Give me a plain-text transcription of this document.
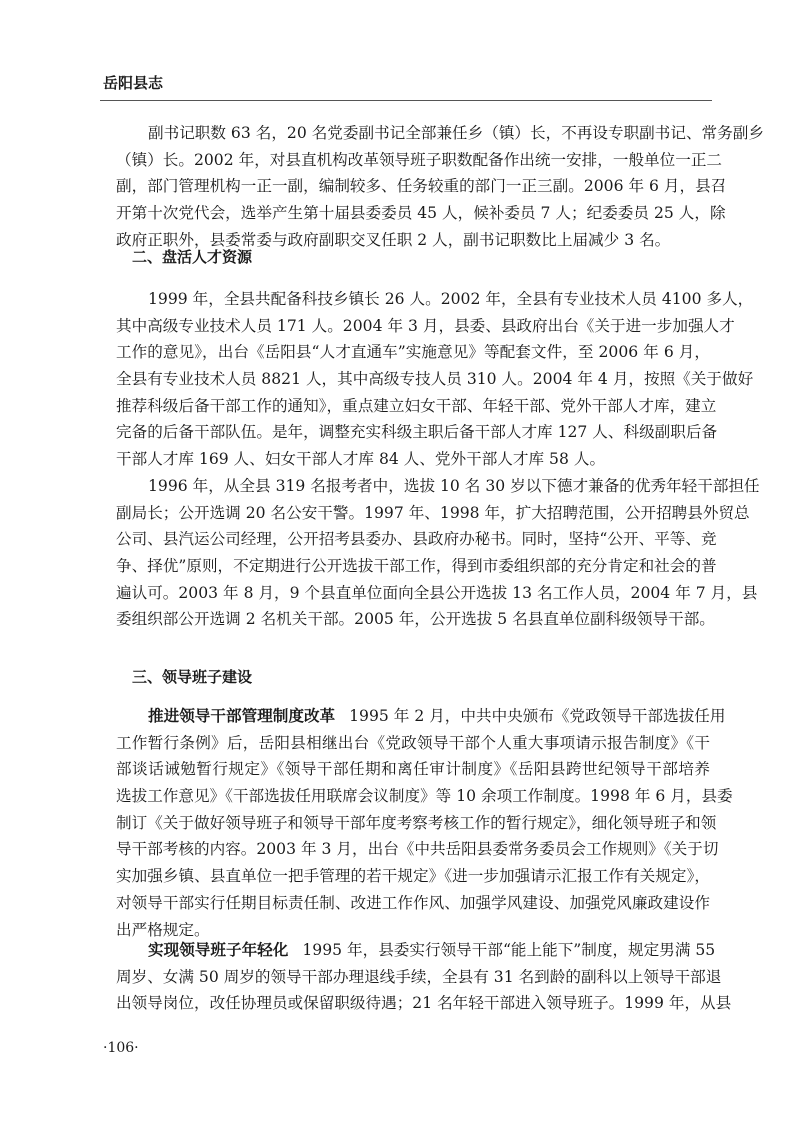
岳阳县志
副书记职数 63 名，20 名党委副书记全部兼任乡（镇）长，不再设专职副书记、常务副乡
（镇）长。2002 年，对县直机构改革领导班子职数配备作出统一安排，一般单位一正二
副，部门管理机构一正一副，编制较多、任务较重的部门一正三副。2006 年 6 月，县召
开第十次党代会，选举产生第十届县委委员 45 人，候补委员 7 人；纪委委员 25 人，除
政府正职外，县委常委与政府副职交叉任职 2 人，副书记职数比上届减少 3 名。
二、盘活人才资源
1999 年，全县共配备科技乡镇长 26 人。2002 年，全县有专业技术人员 4100 多人，
其中高级专业技术人员 171 人。2004 年 3 月，县委、县政府出台《关于进一步加强人才
工作的意见》，出台《岳阳县“人才直通车”实施意见》等配套文件，至 2006 年 6 月，
全县有专业技术人员 8821 人，其中高级专技人员 310 人。2004 年 4 月，按照《关于做好
推荐科级后备干部工作的通知》，重点建立妇女干部、年轻干部、党外干部人才库，建立
完备的后备干部队伍。是年，调整充实科级主职后备干部人才库 127 人、科级副职后备
干部人才库 169 人、妇女干部人才库 84 人、党外干部人才库 58 人。
1996 年，从全县 319 名报考者中，选拔 10 名 30 岁以下德才兼备的优秀年轻干部担任
副局长；公开选调 20 名公安干警。1997 年、1998 年，扩大招聘范围，公开招聘县外贸总
公司、县汽运公司经理，公开招考县委办、县政府办秘书。同时，坚持“公开、平等、竞
争、择优”原则，不定期进行公开选拔干部工作，得到市委组织部的充分肯定和社会的普
遍认可。2003 年 8 月，9 个县直单位面向全县公开选拔 13 名工作人员，2004 年 7 月，县
委组织部公开选调 2 名机关干部。2005 年，公开选拔 5 名县直单位副科级领导干部。
三、领导班子建设
推进领导干部管理制度改革 1995 年 2 月，中共中央颁布《党政领导干部选拔任用
工作暂行条例》后，岳阳县相继出台《党政领导干部个人重大事项请示报告制度》《干
部谈话诫勉暂行规定》《领导干部任期和离任审计制度》《岳阳县跨世纪领导干部培养
选拔工作意见》《干部选拔任用联席会议制度》等 10 余项工作制度。1998 年 6 月，县委
制订《关于做好领导班子和领导干部年度考察考核工作的暂行规定》，细化领导班子和领
导干部考核的内容。2003 年 3 月，出台《中共岳阳县委常务委员会工作规则》《关于切
实加强乡镇、县直单位一把手管理的若干规定》《进一步加强请示汇报工作有关规定》，
对领导干部实行任期目标责任制、改进工作作风、加强学风建设、加强党风廉政建设作
出严格规定。
实现领导班子年轻化 1995 年，县委实行领导干部“能上能下”制度，规定男满 55
周岁、女满 50 周岁的领导干部办理退线手续，全县有 31 名到龄的副科以上领导干部退
出领导岗位，改任协理员或保留职级待遇；21 名年轻干部进入领导班子。1999 年，从县
·106·
